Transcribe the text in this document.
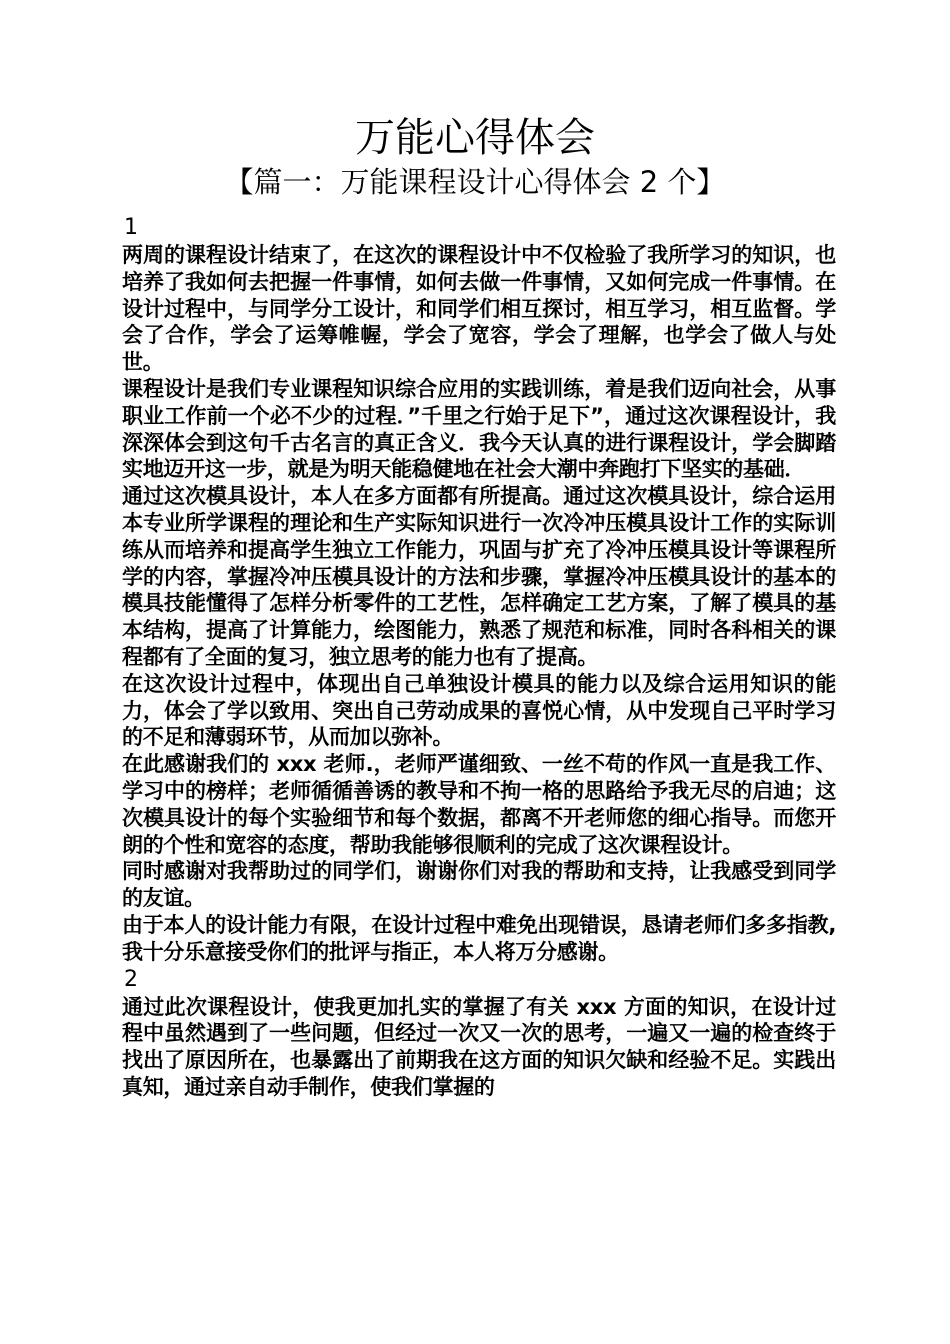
万能心得体会
【篇一：万能课程设计心得体会 2 个】

1

两周的课程设计结束了，在这次的课程设计中不仅检验了我所学习的知识，也培养了我如何去把握一件事情，如何去做一件事情，又如何完成一件事情。在设计过程中，与同学分工设计，和同学们相互探讨，相互学习，相互监督。学会了合作，学会了运筹帷幄，学会了宽容，学会了理解，也学会了做人与处世。

课程设计是我们专业课程知识综合应用的实践训练，着是我们迈向社会，从事职业工作前一个必不少的过程．”千里之行始于足下”，通过这次课程设计，我深深体会到这句千古名言的真正含义．我今天认真的进行课程设计，学会脚踏实地迈开这一步，就是为明天能稳健地在社会大潮中奔跑打下坚实的基础．

通过这次模具设计，本人在多方面都有所提高。通过这次模具设计，综合运用本专业所学课程的理论和生产实际知识进行一次冷冲压模具设计工作的实际训练从而培养和提高学生独立工作能力，巩固与扩充了冷冲压模具设计等课程所学的内容，掌握冷冲压模具设计的方法和步骤，掌握冷冲压模具设计的基本的模具技能懂得了怎样分析零件的工艺性，怎样确定工艺方案，了解了模具的基本结构，提高了计算能力，绘图能力，熟悉了规范和标准，同时各科相关的课程都有了全面的复习，独立思考的能力也有了提高。

在这次设计过程中，体现出自己单独设计模具的能力以及综合运用知识的能力，体会了学以致用、突出自己劳动成果的喜悦心情，从中发现自己平时学习的不足和薄弱环节，从而加以弥补。

在此感谢我们的 xxx 老师.，老师严谨细致、一丝不苟的作风一直是我工作、学习中的榜样；老师循循善诱的教导和不拘一格的思路给予我无尽的启迪；这次模具设计的每个实验细节和每个数据，都离不开老师您的细心指导。而您开朗的个性和宽容的态度，帮助我能够很顺利的完成了这次课程设计。

同时感谢对我帮助过的同学们，谢谢你们对我的帮助和支持，让我感受到同学的友谊。

由于本人的设计能力有限，在设计过程中难免出现错误，恳请老师们多多指教,我十分乐意接受你们的批评与指正，本人将万分感谢。

2

通过此次课程设计，使我更加扎实的掌握了有关 xxx 方面的知识，在设计过程中虽然遇到了一些问题，但经过一次又一次的思考，一遍又一遍的检查终于找出了原因所在，也暴露出了前期我在这方面的知识欠缺和经验不足。实践出真知，通过亲自动手制作，使我们掌握的
